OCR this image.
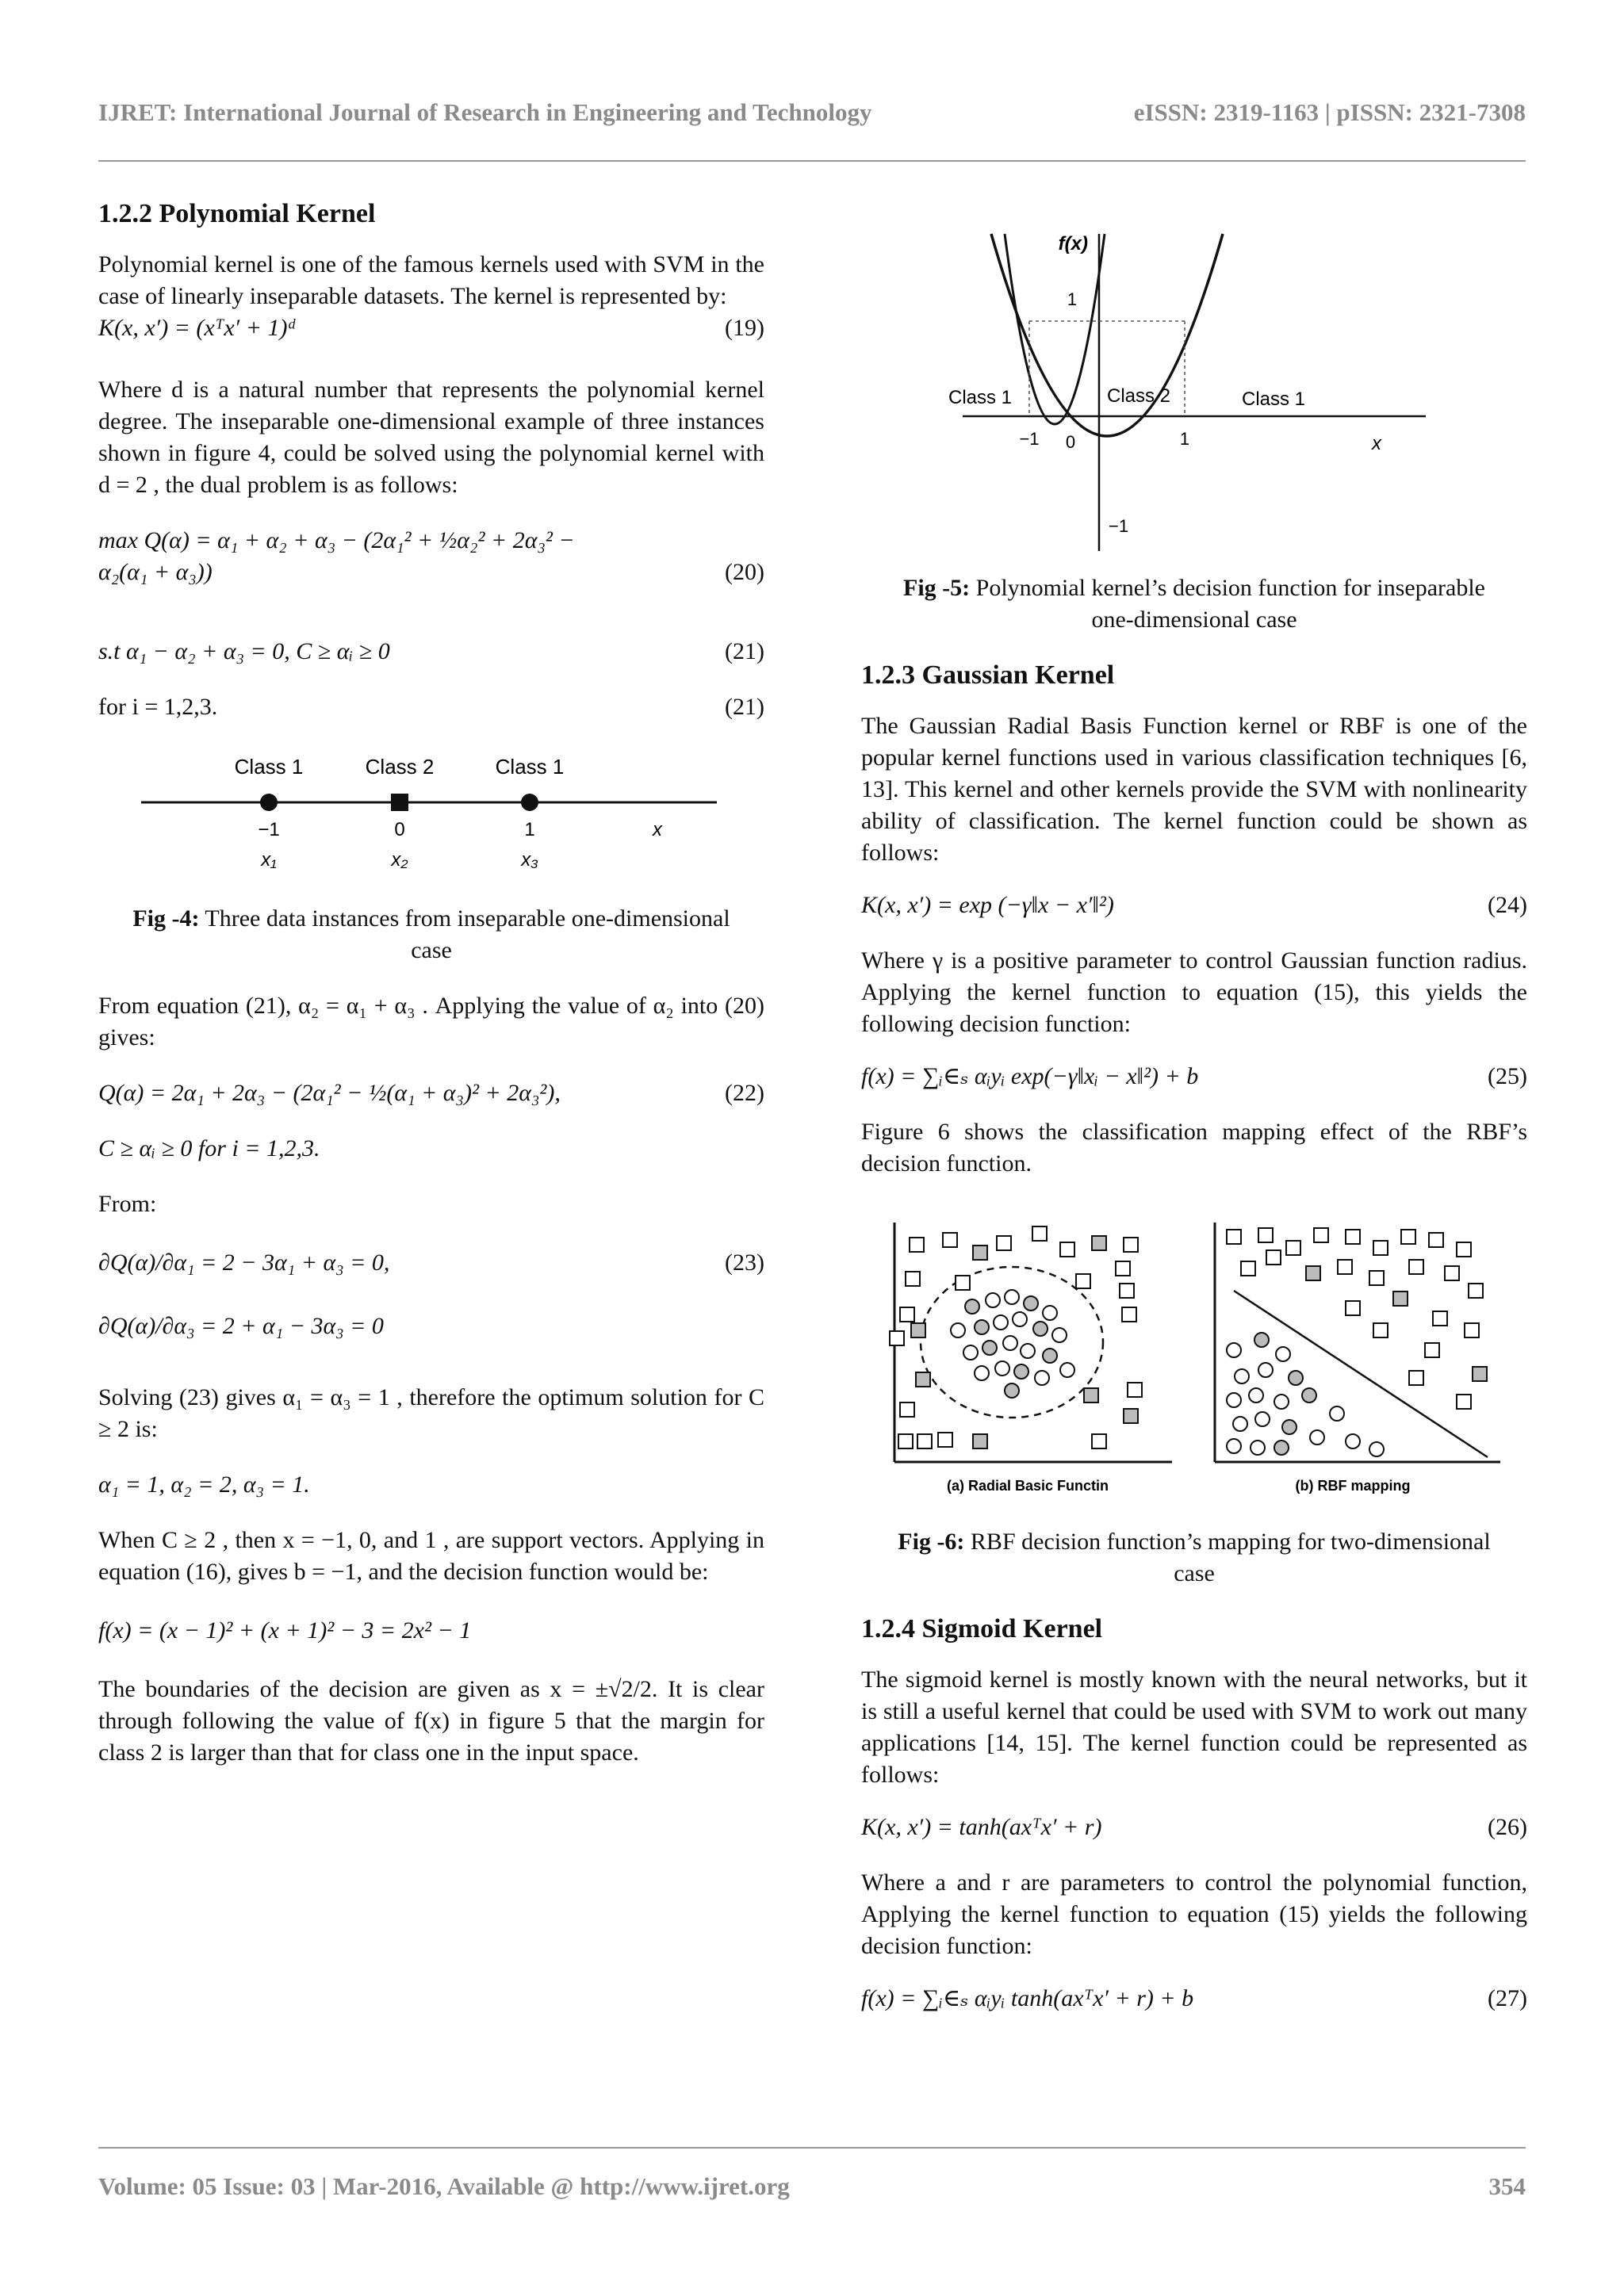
IJRET: International Journal of Research in Engineering and Technology	eISSN: 2319-1163 | pISSN: 2321-7308
1.2.2 Polynomial Kernel

Polynomial kernel is one of the famous kernels used with SVM in the case of linearly inseparable datasets. The kernel is represented by:

K(x, x′) = (xᵀx′ + 1)ᵈ	(19)

Where d is a natural number that represents the polynomial kernel degree. The inseparable one-dimensional example of three instances shown in figure 4, could be solved using the polynomial kernel with d = 2 , the dual problem is as follows:

max Q(α) = α₁ + α₂ + α₃ − (2α₁² + ½α₂² + 2α₃² −
α₂(α₁ + α₃))	(20)
s.t α₁ − α₂ + α₃ = 0, C ≥ αᵢ ≥ 0	(21)
for i = 1,2,3.	(21)
Class 1	Class 2	Class 1
−1	0	1	x
x₁	x₂	x₃
Fig -4: Three data instances from inseparable one-dimensional case

From equation (21), α₂ = α₁ + α₃ . Applying the value of α₂ into (20) gives:

Q(α) = 2α₁ + 2α₃ − (2α₁² − ½(α₁ + α₃)² + 2α₃²),	(22)
C ≥ αᵢ ≥ 0 for i = 1,2,3.

From:

∂Q(α)/∂α₁ = 2 − 3α₁ + α₃ = 0,	(23)
∂Q(α)/∂α₃ = 2 + α₁ − 3α₃ = 0

Solving (23) gives α₁ = α₃ = 1 , therefore the optimum solution for C ≥ 2 is:

α₁ = 1, α₂ = 2, α₃ = 1.

When C ≥ 2 , then x = −1, 0, and 1 , are support vectors. Applying in equation (16), gives b = −1, and the decision function would be:

f(x) = (x − 1)² + (x + 1)² − 3 = 2x² − 1

The boundaries of the decision are given as x = ±√2/2. It is clear through following the value of f(x) in figure 5 that the margin for class 2 is larger than that for class one in the input space.

f(x)
1
Class 1	Class 2	Class 1
−1 0	1	x
−1
Fig -5: Polynomial kernel’s decision function for inseparable one-dimensional case
1.2.3 Gaussian Kernel

The Gaussian Radial Basis Function kernel or RBF is one of the popular kernel functions used in various classification techniques [6, 13]. This kernel and other kernels provide the SVM with nonlinearity ability of classification. The kernel function could be shown as follows:

K(x, x′) = exp (−γ‖x − x′‖²)	(24)

Where γ is a positive parameter to control Gaussian function radius. Applying the kernel function to equation (15), this yields the following decision function:

f(x) = ∑ᵢ∈ₛ αᵢyᵢ exp(−γ‖xᵢ − x‖²) + b	(25)

Figure 6 shows the classification mapping effect of the RBF’s decision function.

(a) Radial Basic Functin	(b) RBF mapping
Fig -6: RBF decision function’s mapping for two-dimensional case
1.2.4 Sigmoid Kernel

The sigmoid kernel is mostly known with the neural networks, but it is still a useful kernel that could be used with SVM to work out many applications [14, 15]. The kernel function could be represented as follows:

K(x, x′) = tanh(axᵀx′ + r)	(26)

Where a and r are parameters to control the polynomial function, Applying the kernel function to equation (15) yields the following decision function:

f(x) = ∑ᵢ∈ₛ αᵢyᵢ tanh(axᵀx′ + r) + b	(27)
Volume: 05 Issue: 03 | Mar-2016, Available @ http://www.ijret.org	354
